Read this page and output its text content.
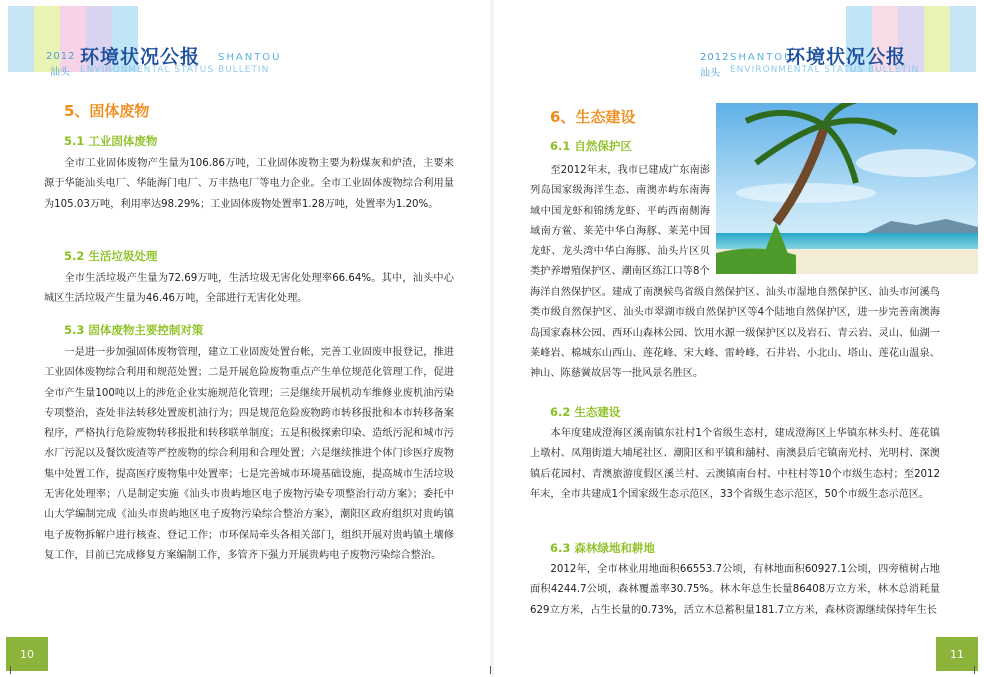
2012
汕头
环境状况公报 SHANTOU
ENVIRONMENTAL STATUS BULLETIN
5、固体废物
5.1 工业固体废物

全市工业固体废物产生量为106.86万吨，工业固体废物主要为粉煤灰和炉渣，主要来源于华能汕头电厂、华能海门电厂、万丰热电厂等电力企业。全市工业固体废物综合利用量为105.03万吨，利用率达98.29%；工业固体废物处置率1.28万吨，处置率为1.20%。

5.2 生活垃圾处理

全市生活垃圾产生量为72.69万吨，生活垃圾无害化处理率66.64%。其中，汕头中心城区生活垃圾产生量为46.46万吨，全部进行无害化处理。

5.3 固体废物主要控制对策

一是进一步加强固体废物管理，建立工业固废处置台帐，完善工业固废申报登记，推进工业固体废物综合利用和规范处置；二是开展危险废物重点产生单位规范化管理工作，促进全市产生量100吨以上的涉危企业实施规范化管理；三是继续开展机动车维修业废机油污染专项整治，查处非法转移处置废机油行为；四是规范危险废物跨市转移报批和本市转移备案程序，严格执行危险废物转移报批和转移联单制度；五是积极探索印染、造纸污泥和城市污水厂污泥以及餐饮废渣等严控废物的综合利用和合理处置；六是继续推进个体门诊医疗废物集中处置工作，提高医疗废物集中处置率；七是完善城市环境基础设施，提高城市生活垃圾无害化处理率；八是制定实施《汕头市贵屿地区电子废物污染专项整治行动方案》；委托中山大学编制完成《汕头市贵屿地区电子废物污染综合整治方案》，潮阳区政府组织对贵屿镇电子废物拆解户进行核查、登记工作；市环保局牵头各相关部门，组织开展对贵屿镇土壤修复工作，目前已完成修复方案编制工作，多管齐下强力开展贵屿电子废物污染综合整治。

10
2012 SHANTOU
汕头 ENVIRONMENTAL STATUS BULLETIN
环境状况公报
6、生态建设
6.1 自然保护区

至2012年末，我市已建成广东南澎列岛国家级海洋生态、南澳赤屿东南海域中国龙虾和锦绣龙虾、平屿西南侧海域南方鲎、莱芜中华白海豚、莱芜中国龙虾、龙头湾中华白海豚、汕头片区贝类护养增殖保护区、潮南区练江口等8个

海洋自然保护区。建成了南澳候鸟省级自然保护区、汕头市湿地自然保护区、汕头市河溪鸟类市级自然保护区、汕头市翠湖市级自然保护区等4个陆地自然保护区，进一步完善南澳海岛国家森林公园、西环山森林公园、饮用水源一级保护区以及岩石、青云岩、灵山、仙湖一莱峰岩、棉城东山西山、莲花峰、宋大峰、雷岭峰、石井岩、小北山、塔山、莲花山温泉、神山、陈慈黉故居等一批风景名胜区。

6.2 生态建设

本年度建成澄海区溪南镇东社村1个省级生态村，建成澄海区上华镇东林头村、莲花镇上墩村、凤翔街道大埔尾社区、潮阳区和平镇和舖村、南澳县后宅镇南光村、光明村、深澳镇后花园村、青澳旅游度假区溪兰村、云澳镇南台村、中柱村等10个市级生态村；至2012年末，全市共建成1个国家级生态示范区，33个省级生态示范区，50个市级生态示范区。

6.3 森林绿地和耕地

2012年，全市林业用地面积66553.7公顷，有林地面积60927.1公顷，四旁植树占地面积4244.7公顷，森林覆盖率30.75%。林木年总生长量86408万立方米，林木总消耗量629立方米，占生长量的0.73%，活立木总蓄积量181.7立方米，森林资源继续保持年生长

11
